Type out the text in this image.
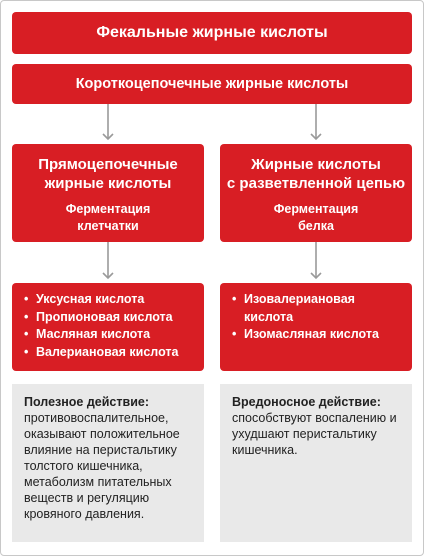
Фекальные жирные кислоты
Короткоцепочечные жирные кислоты
Прямоцепочечные
жирные кислоты
Ферментация
клетчатки
Жирные кислоты
с разветвленной цепью
Ферментация
белка
• Уксусная кислота
• Пропионовая кислота
• Масляная кислота
• Валериановая кислота
• Изовалериановая кислота
• Изомасляная кислота
Полезное действие:
противовоспалительное, оказывают положительное влияние на перистальтику толстого кишечника, метаболизм питательных веществ и регуляцию кровяного давления.
Вредоносное действие:
способствуют воспалению и ухудшают перистальтику кишечника.
